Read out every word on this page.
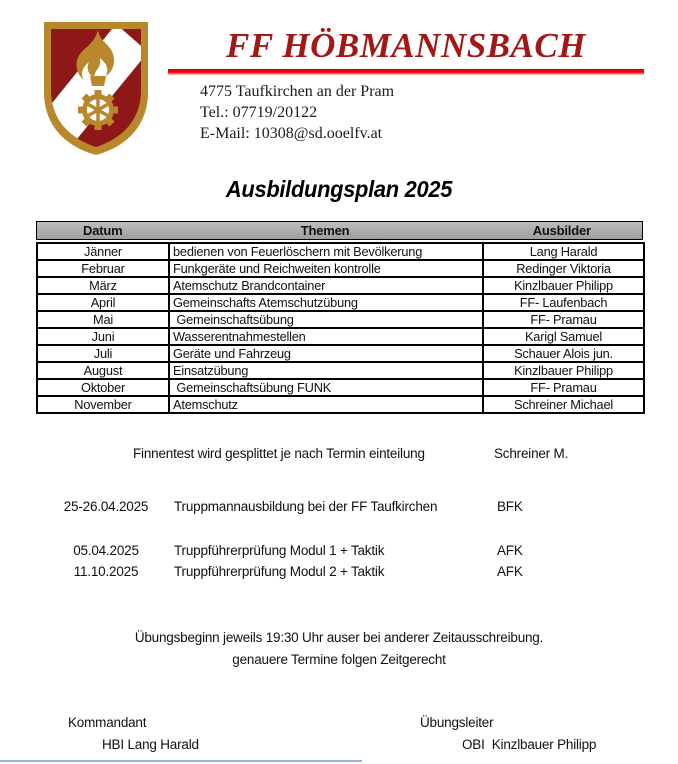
FF HÖBMANNSBACH
4775 Taufkirchen an der Pram
Tel.: 07719/20122
E-Mail: 10308@sd.ooelfv.at
Ausbildungsplan 2025
Datum	Themen	Ausbilder
Jänner	bedienen von Feuerlöschern mit Bevölkerung	Lang Harald
Februar	Funkgeräte und Reichweiten kontrolle	Redinger Viktoria
März	Atemschutz Brandcontainer	Kinzlbauer Philipp
April	Gemeinschafts Atemschutzübung	FF- Laufenbach
Mai	Gemeinschaftsübung	FF- Pramau
Juni	Wasserentnahmestellen	Karigl Samuel
Juli	Geräte und Fahrzeug	Schauer Alois jun.
August	Einsatzübung	Kinzlbauer Philipp
Oktober	Gemeinschaftsübung FUNK	FF- Pramau
November	Atemschutz	Schreiner Michael
Finnentest wird gesplittet je nach Termin einteilung	Schreiner M.
25-26.04.2025	Truppmannausbildung bei der FF Taufkirchen	BFK
05.04.2025	Truppführerprüfung Modul 1 + Taktik	AFK
11.10.2025	Truppführerprüfung Modul 2 + Taktik	AFK
Übungsbeginn jeweils 19:30 Uhr auser bei anderer Zeitausschreibung.
genauere Termine folgen Zeitgerecht
Kommandant
HBI Lang Harald
Übungsleiter
OBI  Kinzlbauer Philipp
